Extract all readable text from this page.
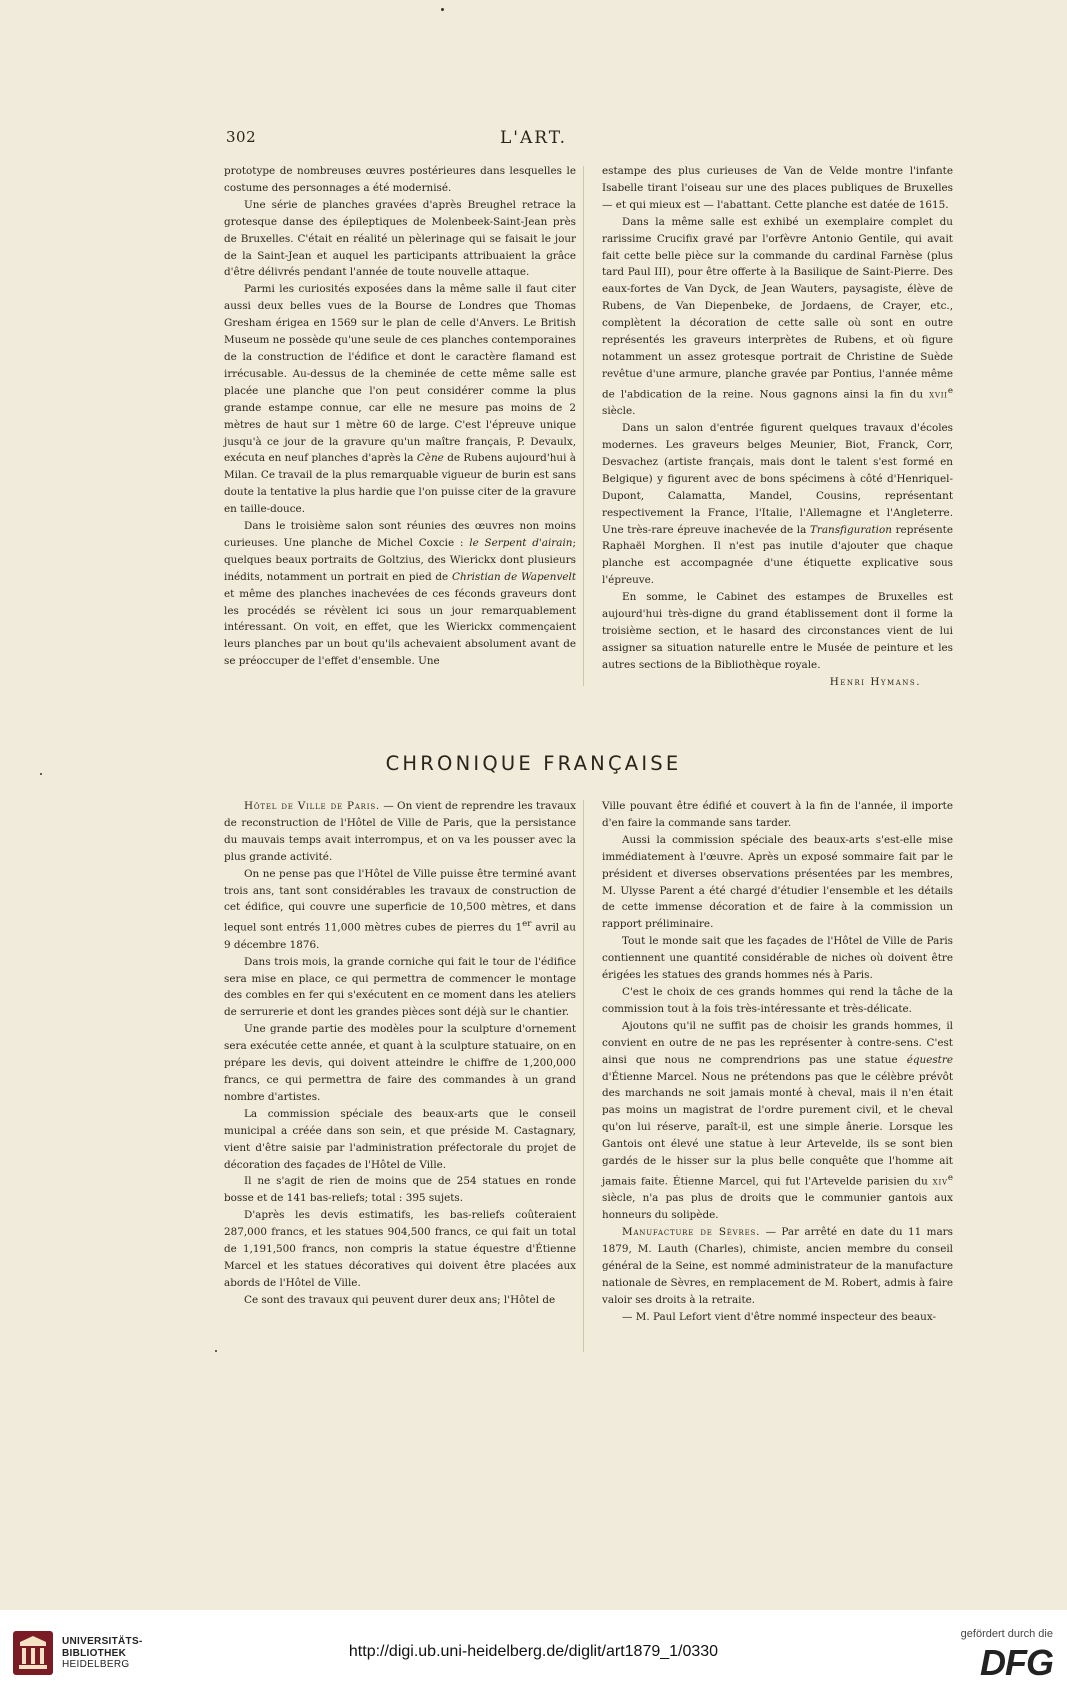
302	L'ART.

prototype de nombreuses œuvres postérieures dans lesquelles le costume des personnages a été modernisé.

Une série de planches gravées d'après Breughel retrace la grotesque danse des épileptiques de Molenbeek-Saint-Jean près de Bruxelles. C'était en réalité un pèlerinage qui se faisait le jour de la Saint-Jean et auquel les participants attribuaient la grâce d'être délivrés pendant l'année de toute nouvelle attaque.

Parmi les curiosités exposées dans la même salle il faut citer aussi deux belles vues de la Bourse de Londres que Thomas Gresham érigea en 1569 sur le plan de celle d'Anvers. Le British Museum ne possède qu'une seule de ces planches contemporaines de la construction de l'édifice et dont le caractère flamand est irrécusable. Au-dessus de la cheminée de cette même salle est placée une planche que l'on peut considérer comme la plus grande estampe connue, car elle ne mesure pas moins de 2 mètres de haut sur 1 mètre 60 de large. C'est l'épreuve unique jusqu'à ce jour de la gravure qu'un maître français, P. Devaulx, exécuta en neuf planches d'après la Cène de Rubens aujourd'hui à Milan. Ce travail de la plus remarquable vigueur de burin est sans doute la tentative la plus hardie que l'on puisse citer de la gravure en taille-douce.

Dans le troisième salon sont réunies des œuvres non moins curieuses. Une planche de Michel Coxcie : le Serpent d'airain; quelques beaux portraits de Goltzius, des Wierickx dont plusieurs inédits, notamment un portrait en pied de Christian de Wapenvelt et même des planches inachevées de ces féconds graveurs dont les procédés se révèlent ici sous un jour remarquablement intéressant. On voit, en effet, que les Wierickx commençaient leurs planches par un bout qu'ils achevaient absolument avant de se préoccuper de l'effet d'ensemble. Une

estampe des plus curieuses de Van de Velde montre l'infante Isabelle tirant l'oiseau sur une des places publiques de Bruxelles — et qui mieux est — l'abattant. Cette planche est datée de 1615.

Dans la même salle est exhibé un exemplaire complet du rarissime Crucifix gravé par l'orfèvre Antonio Gentile, qui avait fait cette belle pièce sur la commande du cardinal Farnèse (plus tard Paul III), pour être offerte à la Basilique de Saint-Pierre. Des eaux-fortes de Van Dyck, de Jean Wauters, paysagiste, élève de Rubens, de Van Diepenbeke, de Jordaens, de Crayer, etc., complètent la décoration de cette salle où sont en outre représentés les graveurs interprètes de Rubens, et où figure notamment un assez grotesque portrait de Christine de Suède revêtue d'une armure, planche gravée par Pontius, l'année même de l'abdication de la reine. Nous gagnons ainsi la fin du xvii$^e$ siècle.

Dans un salon d'entrée figurent quelques travaux d'écoles modernes. Les graveurs belges Meunier, Biot, Franck, Corr, Desvachez (artiste français, mais dont le talent s'est formé en Belgique) y figurent avec de bons spécimens à côté d'Henriquel-Dupont, Calamatta, Mandel, Cousins, représentant respectivement la France, l'Italie, l'Allemagne et l'Angleterre. Une très-rare épreuve inachevée de la Transfiguration représente Raphaël Morghen. Il n'est pas inutile d'ajouter que chaque planche est accompagnée d'une étiquette explicative sous l'épreuve.

En somme, le Cabinet des estampes de Bruxelles est aujourd'hui très-digne du grand établissement dont il forme la troisième section, et le hasard des circonstances vient de lui assigner sa situation naturelle entre le Musée de peinture et les autres sections de la Bibliothèque royale.

Henri Hymans.

CHRONIQUE FRANÇAISE

Hôtel de Ville de Paris. — On vient de reprendre les travaux de reconstruction de l'Hôtel de Ville de Paris, que la persistance du mauvais temps avait interrompus, et on va les pousser avec la plus grande activité.

On ne pense pas que l'Hôtel de Ville puisse être terminé avant trois ans, tant sont considérables les travaux de construction de cet édifice, qui couvre une superficie de 10,500 mètres, et dans lequel sont entrés 11,000 mètres cubes de pierres du 1er avril au 9 décembre 1876.

Dans trois mois, la grande corniche qui fait le tour de l'édifice sera mise en place, ce qui permettra de commencer le montage des combles en fer qui s'exécutent en ce moment dans les ateliers de serrurerie et dont les grandes pièces sont déjà sur le chantier.

Une grande partie des modèles pour la sculpture d'ornement sera exécutée cette année, et quant à la sculpture statuaire, on en prépare les devis, qui doivent atteindre le chiffre de 1,200,000 francs, ce qui permettra de faire des commandes à un grand nombre d'artistes.

La commission spéciale des beaux-arts que le conseil municipal a créée dans son sein, et que préside M. Castagnary, vient d'être saisie par l'administration préfectorale du projet de décoration des façades de l'Hôtel de Ville.

Il ne s'agit de rien de moins que de 254 statues en ronde bosse et de 141 bas-reliefs; total : 395 sujets.

D'après les devis estimatifs, les bas-reliefs coûteraient 287,000 francs, et les statues 904,500 francs, ce qui fait un total de 1,191,500 francs, non compris la statue équestre d'Étienne Marcel et les statues décoratives qui doivent être placées aux abords de l'Hôtel de Ville.

Ce sont des travaux qui peuvent durer deux ans; l'Hôtel de

Ville pouvant être édifié et couvert à la fin de l'année, il importe d'en faire la commande sans tarder.

Aussi la commission spéciale des beaux-arts s'est-elle mise immédiatement à l'œuvre. Après un exposé sommaire fait par le président et diverses observations présentées par les membres, M. Ulysse Parent a été chargé d'étudier l'ensemble et les détails de cette immense décoration et de faire à la commission un rapport préliminaire.

Tout le monde sait que les façades de l'Hôtel de Ville de Paris contiennent une quantité considérable de niches où doivent être érigées les statues des grands hommes nés à Paris.

C'est le choix de ces grands hommes qui rend la tâche de la commission tout à la fois très-intéressante et très-délicate.

Ajoutons qu'il ne suffit pas de choisir les grands hommes, il convient en outre de ne pas les représenter à contre-sens. C'est ainsi que nous ne comprendrions pas une statue équestre d'Étienne Marcel. Nous ne prétendons pas que le célèbre prévôt des marchands ne soit jamais monté à cheval, mais il n'en était pas moins un magistrat de l'ordre purement civil, et le cheval qu'on lui réserve, paraît-il, est une simple ânerie. Lorsque les Gantois ont élevé une statue à leur Artevelde, ils se sont bien gardés de le hisser sur la plus belle conquête que l'homme ait jamais faite. Étienne Marcel, qui fut l'Artevelde parisien du xiv$^e$ siècle, n'a pas plus de droits que le communier gantois aux honneurs du solipède.

Manufacture de Sèvres. — Par arrêté en date du 11 mars 1879, M. Lauth (Charles), chimiste, ancien membre du conseil général de la Seine, est nommé administrateur de la manufacture nationale de Sèvres, en remplacement de M. Robert, admis à faire valoir ses droits à la retraite.

— M. Paul Lefort vient d'être nommé inspecteur des beaux-

UNIVERSITÄTS-
BIBLIOTHEK
HEIDELBERG
http://digi.ub.uni-heidelberg.de/diglit/art1879_1/0330
gefördert durch die
DFG
